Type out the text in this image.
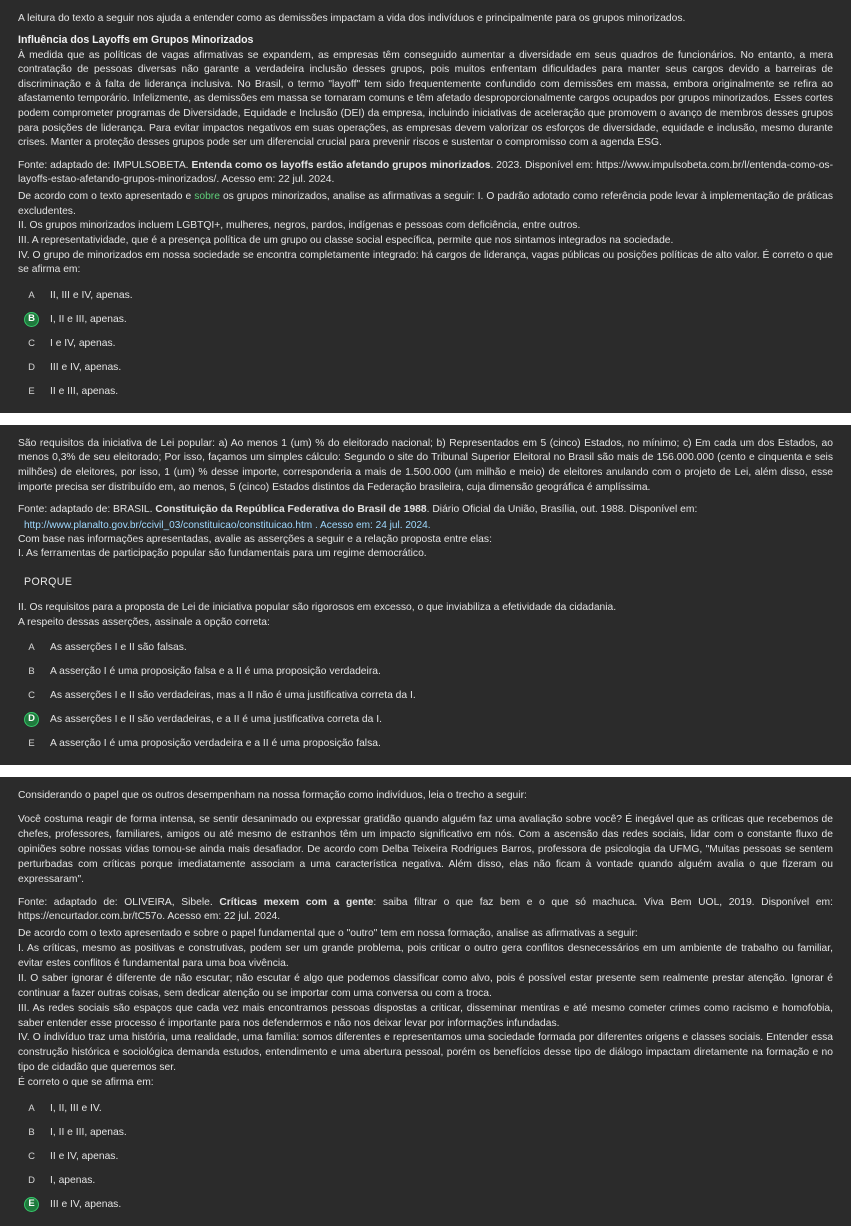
A leitura do texto a seguir nos ajuda a entender como as demissões impactam a vida dos indivíduos e principalmente para os grupos minorizados.

Influência dos Layoffs em Grupos Minorizados

À medida que as políticas de vagas afirmativas se expandem, as empresas têm conseguido aumentar a diversidade em seus quadros de funcionários. No entanto, a mera contratação de pessoas diversas não garante a verdadeira inclusão desses grupos, pois muitos enfrentam dificuldades para manter seus cargos devido a barreiras de discriminação e à falta de liderança inclusiva. No Brasil, o termo "layoff" tem sido frequentemente confundido com demissões em massa, embora originalmente se refira ao afastamento temporário. Infelizmente, as demissões em massa se tornaram comuns e têm afetado desproporcionalmente cargos ocupados por grupos minorizados. Esses cortes podem comprometer programas de Diversidade, Equidade e Inclusão (DEI) da empresa, incluindo iniciativas de aceleração que promovem o avanço de membros desses grupos para posições de liderança. Para evitar impactos negativos em suas operações, as empresas devem valorizar os esforços de diversidade, equidade e inclusão, mesmo durante crises. Manter a proteção desses grupos pode ser um diferencial crucial para prevenir riscos e sustentar o compromisso com a agenda ESG.

Fonte: adaptado de: IMPULSOBETA. Entenda como os layoffs estão afetando grupos minorizados. 2023. Disponível em: https://www.impulsobeta.com.br/l/entenda-como-os-layoffs-estao-afetando-grupos-minorizados/. Acesso em: 22 jul. 2024.

De acordo com o texto apresentado e sobre os grupos minorizados, analise as afirmativas a seguir: I. O padrão adotado como referência pode levar à implementação de práticas excludentes.

II. Os grupos minorizados incluem LGBTQI+, mulheres, negros, pardos, indígenas e pessoas com deficiência, entre outros.

III. A representatividade, que é a presença política de um grupo ou classe social específica, permite que nos sintamos integrados na sociedade.

IV. O grupo de minorizados em nossa sociedade se encontra completamente integrado: há cargos de liderança, vagas públicas ou posições políticas de alto valor. É correto o que se afirma em:

A	II, III e IV, apenas.
B	I, II e III, apenas.
C	I e IV, apenas.
D	III e IV, apenas.
E	II e III, apenas.

São requisitos da iniciativa de Lei popular: a) Ao menos 1 (um) % do eleitorado nacional; b) Representados em 5 (cinco) Estados, no mínimo; c) Em cada um dos Estados, ao menos 0,3% de seu eleitorado; Por isso, façamos um simples cálculo: Segundo o site do Tribunal Superior Eleitoral no Brasil são mais de 156.000.000 (cento e cinquenta e seis milhões) de eleitores, por isso, 1 (um) % desse importe, corresponderia a mais de 1.500.000 (um milhão e meio) de eleitores anulando com o projeto de Lei, além disso, esse importe precisa ser distribuído em, ao menos, 5 (cinco) Estados distintos da Federação brasileira, cuja dimensão geográfica é amplíssima.

Fonte: adaptado de: BRASIL. Constituição da República Federativa do Brasil de 1988. Diário Oficial da União, Brasília, out. 1988. Disponível em:

http://www.planalto.gov.br/ccivil_03/constituicao/constituicao.htm . Acesso em: 24 jul. 2024.

Com base nas informações apresentadas, avalie as asserções a seguir e a relação proposta entre elas:

I. As ferramentas de participação popular são fundamentais para um regime democrático.

PORQUE

II. Os requisitos para a proposta de Lei de iniciativa popular são rigorosos em excesso, o que inviabiliza a efetividade da cidadania.

A respeito dessas asserções, assinale a opção correta:

A	As asserções I e II são falsas.
B	A asserção I é uma proposição falsa e a II é uma proposição verdadeira.
C	As asserções I e II são verdadeiras, mas a II não é uma justificativa correta da I.
D	As asserções I e II são verdadeiras, e a II é uma justificativa correta da I.
E	A asserção I é uma proposição verdadeira e a II é uma proposição falsa.

Considerando o papel que os outros desempenham na nossa formação como indivíduos, leia o trecho a seguir:

Você costuma reagir de forma intensa, se sentir desanimado ou expressar gratidão quando alguém faz uma avaliação sobre você? É inegável que as críticas que recebemos de chefes, professores, familiares, amigos ou até mesmo de estranhos têm um impacto significativo em nós. Com a ascensão das redes sociais, lidar com o constante fluxo de opiniões sobre nossas vidas tornou-se ainda mais desafiador. De acordo com Delba Teixeira Rodrigues Barros, professora de psicologia da UFMG, "Muitas pessoas se sentem perturbadas com críticas porque imediatamente associam a uma característica negativa. Além disso, elas não ficam à vontade quando alguém avalia o que fizeram ou expressaram".

Fonte: adaptado de: OLIVEIRA, Sibele. Críticas mexem com a gente: saiba filtrar o que faz bem e o que só machuca. Viva Bem UOL, 2019. Disponível em: https://encurtador.com.br/tC57o. Acesso em: 22 jul. 2024.

De acordo com o texto apresentado e sobre o papel fundamental que o "outro" tem em nossa formação, analise as afirmativas a seguir:

I. As críticas, mesmo as positivas e construtivas, podem ser um grande problema, pois criticar o outro gera conflitos desnecessários em um ambiente de trabalho ou familiar, evitar estes conflitos é fundamental para uma boa vivência.

II. O saber ignorar é diferente de não escutar; não escutar é algo que podemos classificar como alvo, pois é possível estar presente sem realmente prestar atenção. Ignorar é continuar a fazer outras coisas, sem dedicar atenção ou se importar com uma conversa ou com a troca.

III. As redes sociais são espaços que cada vez mais encontramos pessoas dispostas a criticar, disseminar mentiras e até mesmo cometer crimes como racismo e homofobia, saber entender esse processo é importante para nos defendermos e não nos deixar levar por informações infundadas.

IV. O indivíduo traz uma história, uma realidade, uma família: somos diferentes e representamos uma sociedade formada por diferentes origens e classes sociais. Entender essa construção histórica e sociológica demanda estudos, entendimento e uma abertura pessoal, porém os benefícios desse tipo de diálogo impactam diretamente na formação e no tipo de cidadão que queremos ser.

É correto o que se afirma em:

A	I, II, III e IV.
B	I, II e III, apenas.
C	II e IV, apenas.
D	I, apenas.
E	III e IV, apenas.
